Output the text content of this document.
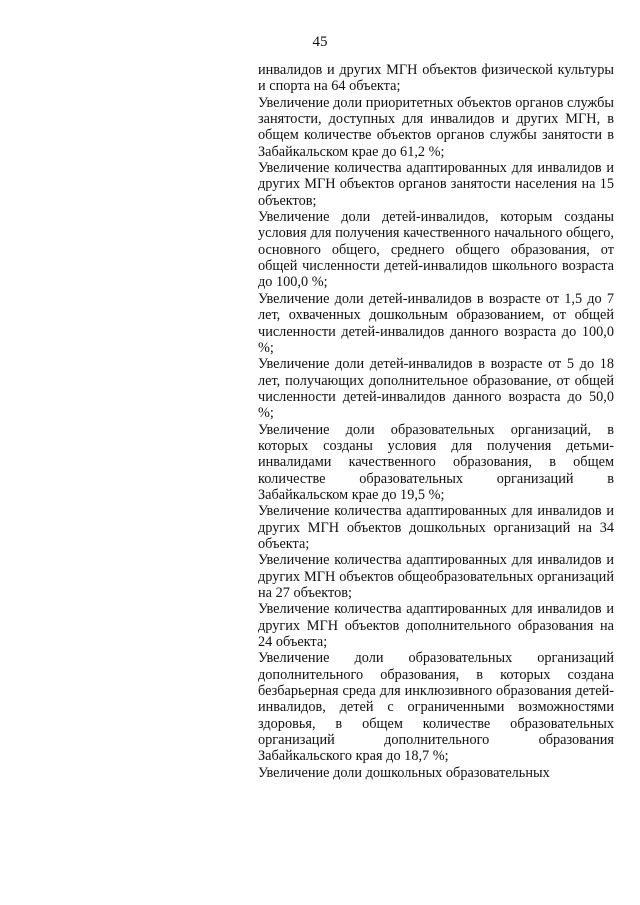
45

инвалидов и других МГН объектов физической культуры и спорта на 64 объекта;

Увеличение доли приоритетных объектов органов службы занятости, доступных для инвалидов и других МГН, в общем количестве объектов органов службы занятости в Забайкальском крае до 61,2 %;

Увеличение количества адаптированных для инвалидов и других МГН объектов органов занятости населения на 15 объектов;

Увеличение доли детей-инвалидов, которым созданы условия для получения качественного начального общего, основного общего, среднего общего образования, от общей численности детей-инвалидов школьного возраста до 100,0 %;

Увеличение доли детей-инвалидов в возрасте от 1,5 до 7 лет, охваченных дошкольным образованием, от общей численности детей-инвалидов данного возраста до 100,0 %;

Увеличение доли детей-инвалидов в возрасте от 5 до 18 лет, получающих дополнительное образование, от общей численности детей-инвалидов данного возраста до 50,0 %;

Увеличение доли образовательных организаций, в которых созданы условия для получения детьми-инвалидами качественного образования, в общем количестве образовательных организаций в Забайкальском крае до 19,5 %;

Увеличение количества адаптированных для инвалидов и других МГН объектов дошкольных организаций на 34 объекта;

Увеличение количества адаптированных для инвалидов и других МГН объектов общеобразовательных организаций на 27 объектов;

Увеличение количества адаптированных для инвалидов и других МГН объектов дополнительного образования на 24 объекта;

Увеличение доли образовательных организаций дополнительного образования, в которых создана безбарьерная среда для инклюзивного образования детей-инвалидов, детей с ограниченными возможностями здоровья, в общем количестве образовательных организаций дополнительного образования Забайкальского края до 18,7 %;

Увеличение доли дошкольных образовательных
